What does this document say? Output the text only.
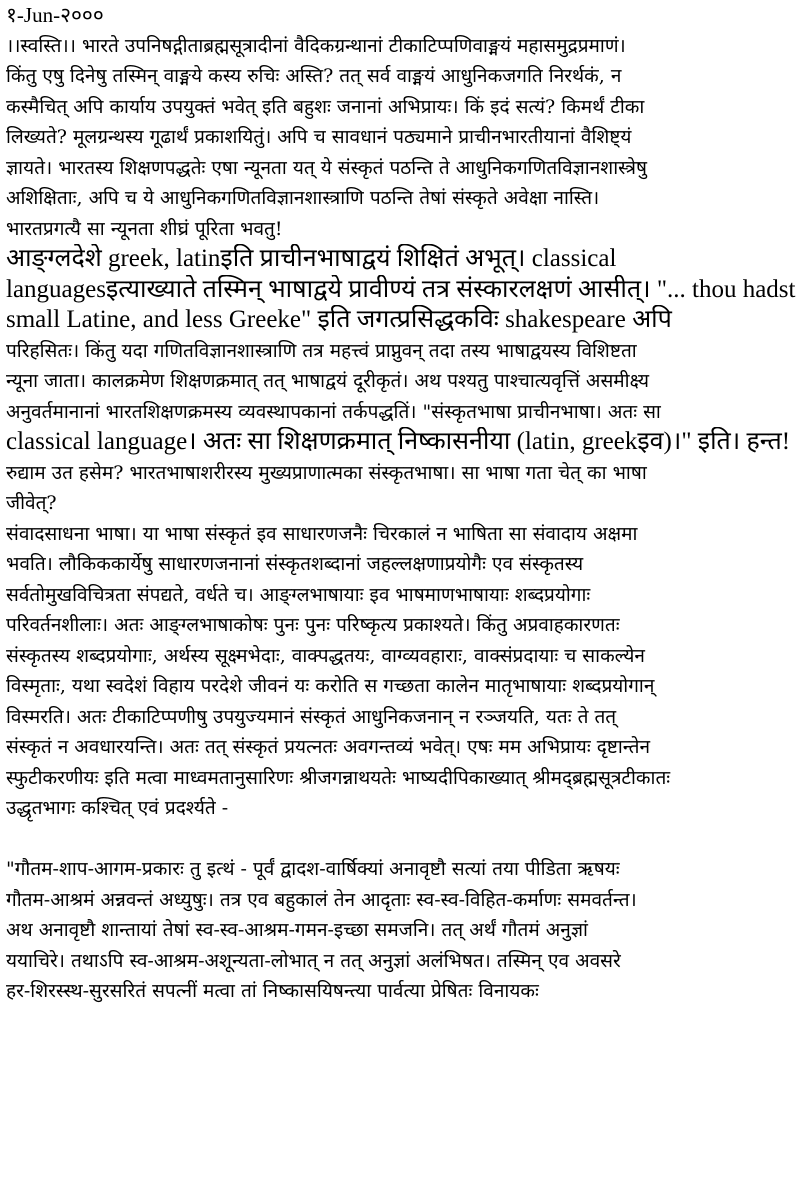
१-Jun-२०००
।।स्वस्ति।। भारते उपनिषद्गीताब्रह्मसूत्रादीनां वैदिकग्रन्थानां टीकाटिप्पणिवाङ्मयं महासमुद्रप्रमाणं।
किंतु एषु दिनेषु तस्मिन् वाङ्मये कस्य रुचिः अस्ति? तत् सर्व वाङ्मयं आधुनिकजगति निरर्थकं, न
कस्मैचित् अपि कार्याय उपयुक्तं भवेत् इति बहुशः जनानां अभिप्रायः। किं इदं सत्यं? किमर्थं टीका
लिख्यते? मूलग्रन्थस्य गूढार्थं प्रकाशयितुं। अपि च सावधानं पठ्यमाने प्राचीनभारतीयानां वैशिष्ट्यं
ज्ञायते। भारतस्य शिक्षणपद्धतेः एषा न्यूनता यत् ये संस्कृतं पठन्ति ते आधुनिकगणितविज्ञानशास्त्रेषु
अशिक्षिताः, अपि च ये आधुनिकगणितविज्ञानशास्त्राणि पठन्ति तेषां संस्कृते अवेक्षा नास्ति।
भारतप्रगत्यै सा न्यूनता शीघ्रं पूरिता भवतु!
आङ्ग्लदेशे greek, latinइति प्राचीनभाषाद्वयं शिक्षितं अभूत्। classical
languagesइत्याख्याते तस्मिन् भाषाद्वये प्रावीण्यं तत्र संस्कारलक्षणं आसीत्। "... thou hadst
small Latine, and less Greeke" इति जगत्प्रसिद्धकविः shakespeare अपि
परिहसितः। किंतु यदा गणितविज्ञानशास्त्राणि तत्र महत्त्वं प्राप्नुवन् तदा तस्य भाषाद्वयस्य विशिष्टता
न्यूना जाता। कालक्रमेण शिक्षणक्रमात् तत् भाषाद्वयं दूरीकृतं। अथ पश्यतु पाश्चात्यवृत्तिं असमीक्ष्य
अनुवर्तमानानां भारतशिक्षणक्रमस्य व्यवस्थापकानां तर्कपद्धतिं। "संस्कृतभाषा प्राचीनभाषा। अतः सा
classical language। अतः सा शिक्षणक्रमात् निष्कासनीया (latin, greekइव)।" इति। हन्त!
रुद्याम उत हसेम? भारतभाषाशरीरस्य मुख्यप्राणात्मका संस्कृतभाषा। सा भाषा गता चेत् का भाषा
जीवेत्?
संवादसाधना भाषा। या भाषा संस्कृतं इव साधारणजनैः चिरकालं न भाषिता सा संवादाय अक्षमा
भवति। लौकिककार्येषु साधारणजनानां संस्कृतशब्दानां जहल्लक्षणाप्रयोगैः एव संस्कृतस्य
सर्वतोमुखविचित्रता संपद्यते, वर्धते च। आङ्ग्लभाषायाः इव भाषमाणभाषायाः शब्दप्रयोगाः
परिवर्तनशीलाः। अतः आङ्ग्लभाषाकोषः पुनः पुनः परिष्कृत्य प्रकाश्यते। किंतु अप्रवाहकारणतः
संस्कृतस्य शब्दप्रयोगाः, अर्थस्य सूक्ष्मभेदाः, वाक्पद्धतयः, वाग्व्यवहाराः, वाक्संप्रदायाः च साकल्येन
विस्मृताः, यथा स्वदेशं विहाय परदेशे जीवनं यः करोति स गच्छता कालेन मातृभाषायाः शब्दप्रयोगान्
विस्मरति। अतः टीकाटिप्पणीषु उपयुज्यमानं संस्कृतं आधुनिकजनान् न रञ्जयति, यतः ते तत्
संस्कृतं न अवधारयन्ति। अतः तत् संस्कृतं प्रयत्नतः अवगन्तव्यं भवेत्। एषः मम अभिप्रायः दृष्टान्तेन
स्फुटीकरणीयः इति मत्वा माध्वमतानुसारिणः श्रीजगन्नाथयतेः भाष्यदीपिकाख्यात् श्रीमद्ब्रह्मसूत्रटीकातः
उद्धृतभागः कश्चित् एवं प्रदर्श्यते -
"गौतम-शाप-आगम-प्रकारः तु इत्थं - पूर्वं द्वादश-वार्षिक्यां अनावृष्टौ सत्यां तया पीडिता ऋषयः
गौतम-आश्रमं अन्नवन्तं अध्युषुः। तत्र एव बहुकालं तेन आदृताः स्व-स्व-विहित-कर्माणः समवर्तन्त।
अथ अनावृष्टौ शान्तायां तेषां स्व-स्व-आश्रम-गमन-इच्छा समजनि। तत् अर्थं गौतमं अनुज्ञां
ययाचिरे। तथाऽपि स्व-आश्रम-अशून्यता-लोभात् न तत् अनुज्ञां अलंभिषत। तस्मिन् एव अवसरे
हर-शिरस्स्थ-सुरसरितं सपत्नीं मत्वा तां निष्कासयिषन्त्या पार्वत्या प्रेषितः विनायकः
